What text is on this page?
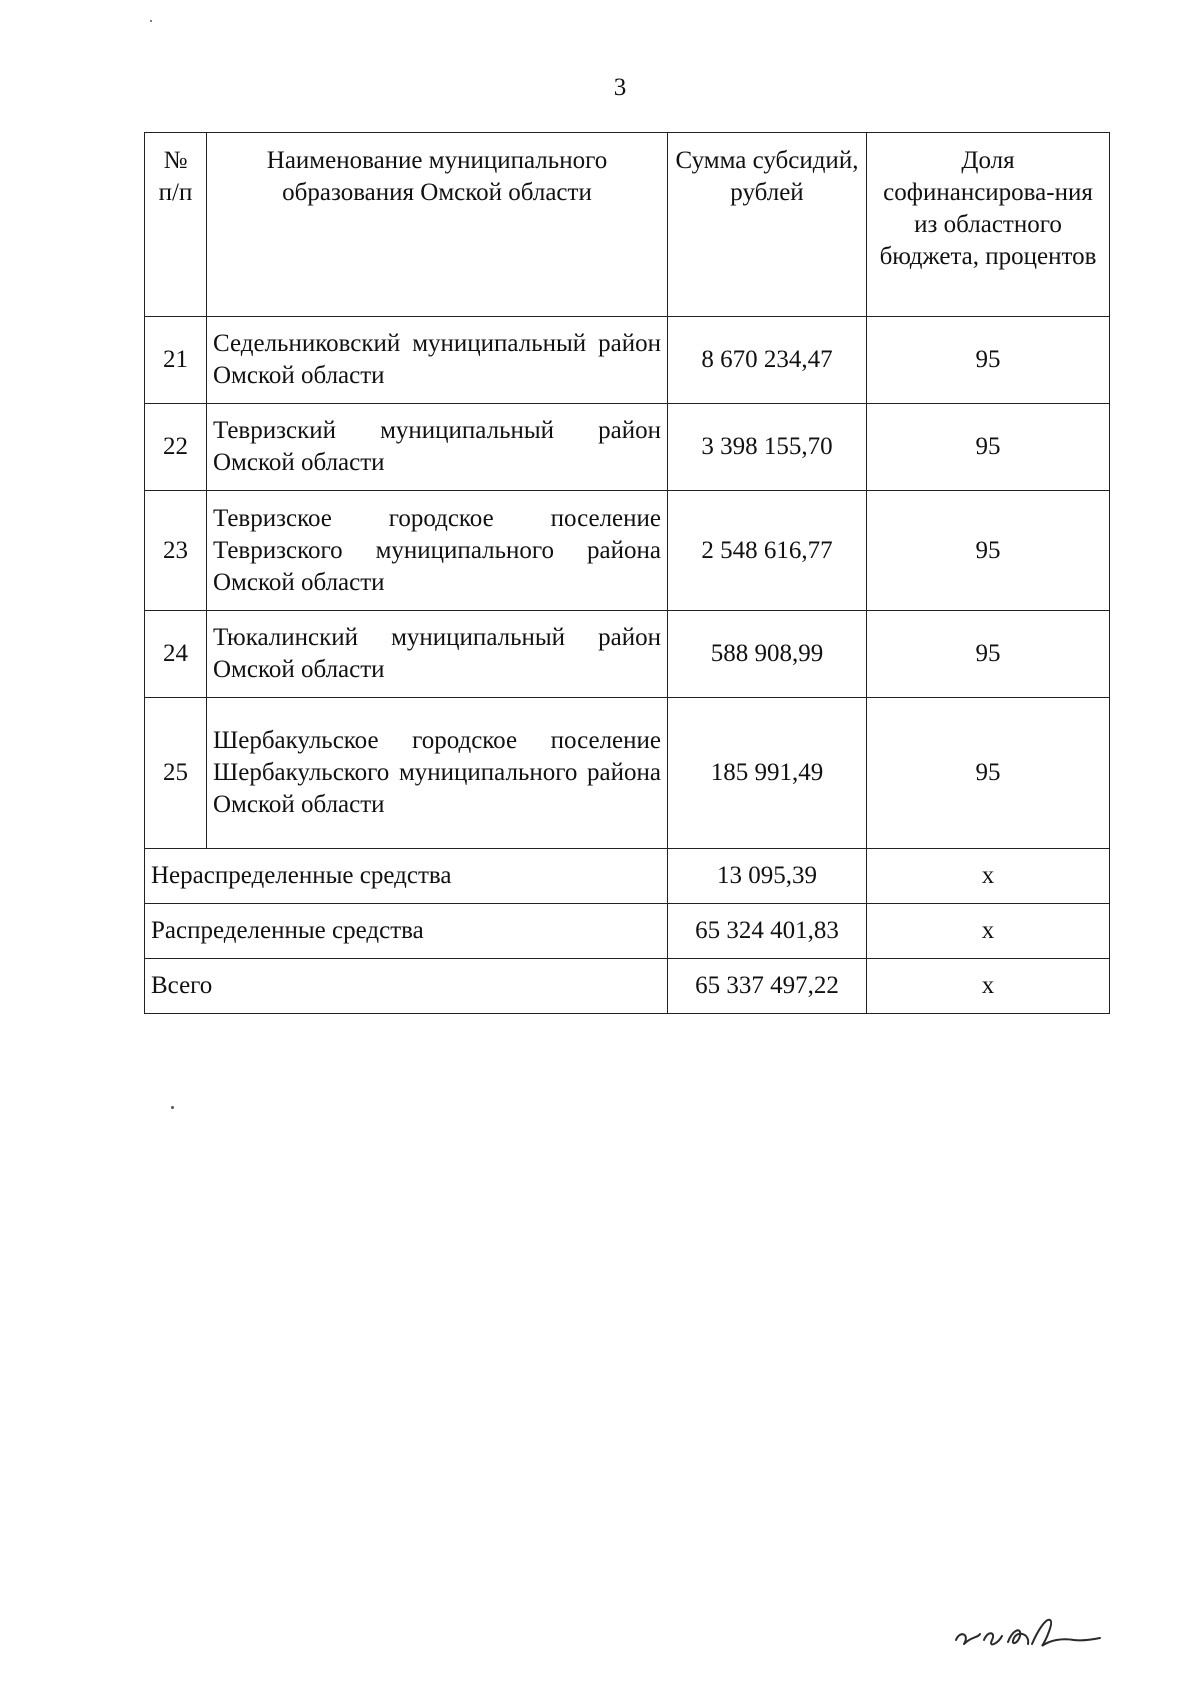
3
№ п/п	Наименование муниципального образования Омской области	Сумма субсидий, рублей	Доля софинансирова-ния из областного бюджета, процентов
21	Седельниковский муниципальный район Омской области	8 670 234,47	95
22	Тевризский муниципальный район Омской области	3 398 155,70	95
23	Тевризское городское поселение Тевризского муниципального района Омской области	2 548 616,77	95
24	Тюкалинский муниципальный район Омской области	588 908,99	95
25	Шербакульское городское поселение Шербакульского муниципального района Омской области	185 991,49	95
Нераспределенные средства		13 095,39	х
Распределенные средства		65 324 401,83	х
Всего		65 337 497,22	х
